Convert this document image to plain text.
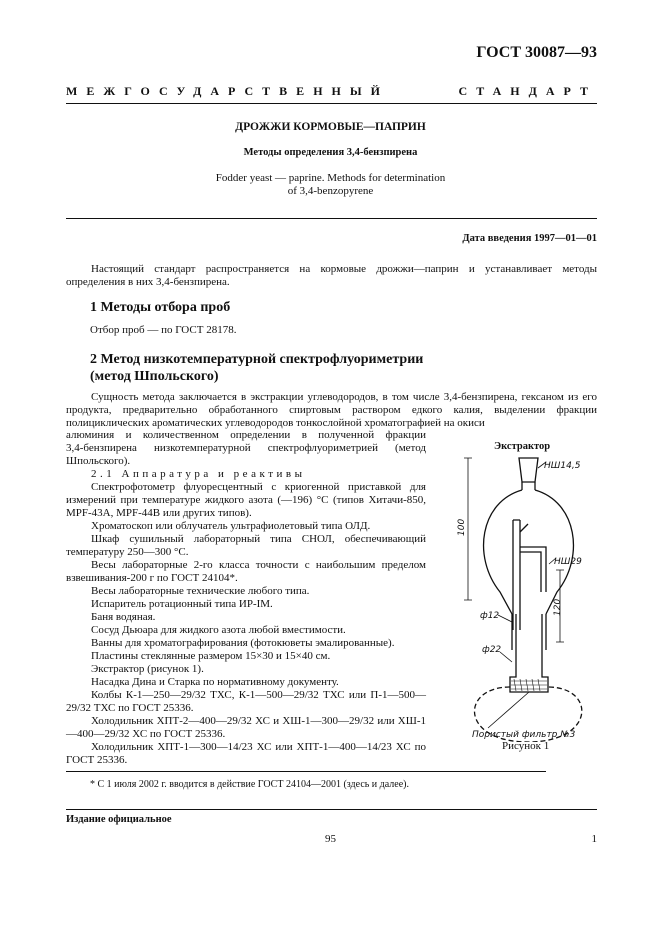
ГОСТ 30087—93
МЕЖГОСУДАРСТВЕННЫЙ СТАНДАРТ
ДРОЖЖИ КОРМОВЫЕ—ПАПРИН
Методы определения 3,4-бензпирена
Fodder yeast — paprine. Methods for determination
of 3,4-benzopyrene
Дата введения 1997—01—01
Настоящий стандарт распространяется на кормовые дрожжи—паприн и устанавливает методы определения в них 3,4-бензпирена.
1 Методы отбора проб
Отбор проб — по ГОСТ 28178.
2 Метод низкотемпературной спектрофлуориметрии
(метод Шпольского)
Сущность метода заключается в экстракции углеводородов, в том числе 3,4-бензпирена, гексаном из его продукта, предварительно обработанного спиртовым раствором едкого калия, выделении фракции полициклических ароматических углеводородов тонкослойной хроматографией на окиси
алюминия и количественном определении в полученной фракции
3,4-бензпирена низкотемпературной спектрофлуориметрией (метод
Шпольского).
2.1 Аппаратура и реактивы
Спектрофотометр флуоресцентный с криогенной приставкой для измерений при температуре жидкого азота (—196) °С (типов Хитачи-850, MPF-43A, MPF-44B или других типов).
Хроматоскоп или облучатель ультрафиолетовый типа ОЛД.
Шкаф сушильный лабораторный типа СНОЛ, обеспечивающий температуру 250—300 °С.
Весы лабораторные 2-го класса точности с наибольшим пределом взвешивания-200 г по ГОСТ 24104*.
Весы лабораторные технические любого типа.
Испаритель ротационный типа ИР-IM.
Баня водяная.
Сосуд Дьюара для жидкого азота любой вместимости.
Ванны для хроматографирования (фотокюветы эмалированные).
Пластины стеклянные размером 15×30 и 15×40 см.
Экстрактор (рисунок 1).
Насадка Дина и Старка по нормативному документу.
Колбы К-1—250—29/32 ТХС, К-1—500—29/32 ТХС или П-1—500—29/32 ТХС по ГОСТ 25336.
Холодильник ХПТ-2—400—29/32 ХС и ХШ-1—300—29/32 или ХШ-1—400—29/32 ХС по ГОСТ 25336.
Холодильник ХПТ-1—300—14/23 ХС или ХПТ-1—400—14/23 ХС по ГОСТ 25336.
Экстрактор
НШ14,5
НШ29
100
120
ф12
ф22
Пористый фильтр №3
Рисунок 1
* С 1 июля 2002 г. вводится в действие ГОСТ 24104—2001 (здесь и далее).
Издание официальное
95	1
